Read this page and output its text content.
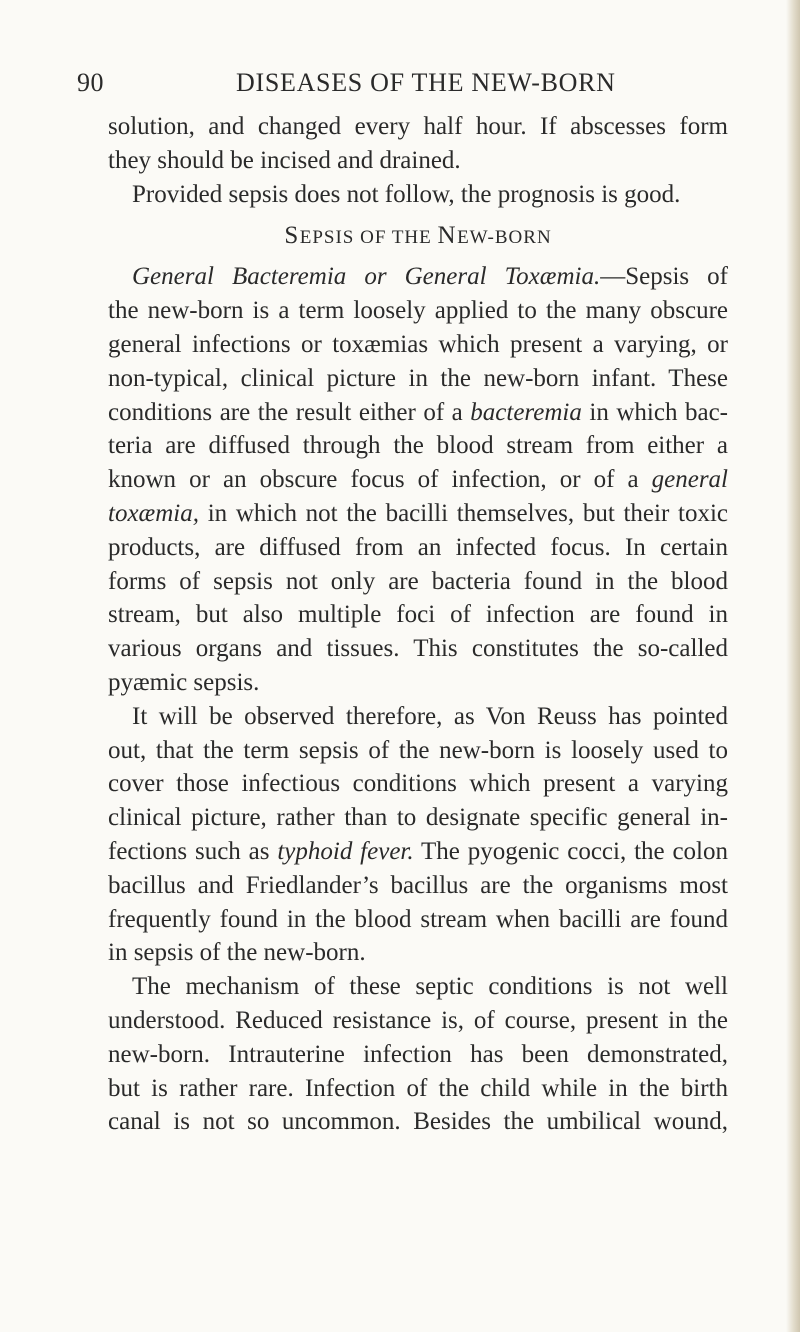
90	DISEASES OF THE NEW-BORN
solution, and changed every half hour. If abscesses form
they should be incised and drained.
Provided sepsis does not follow, the prognosis is good.
SEPSIS OF THE NEW-BORN
General Bacteremia or General Toxæmia.—Sepsis of
the new-born is a term loosely applied to the many obscure
general infections or toxæmias which present a varying, or
non-typical, clinical picture in the new-born infant. These
conditions are the result either of a bacteremia in which bac-
teria are diffused through the blood stream from either a
known or an obscure focus of infection, or of a general
toxæmia, in which not the bacilli themselves, but their toxic
products, are diffused from an infected focus. In certain
forms of sepsis not only are bacteria found in the blood
stream, but also multiple foci of infection are found in
various organs and tissues. This constitutes the so-called
pyæmic sepsis.
It will be observed therefore, as Von Reuss has pointed
out, that the term sepsis of the new-born is loosely used to
cover those infectious conditions which present a varying
clinical picture, rather than to designate specific general in-
fections such as typhoid fever. The pyogenic cocci, the colon
bacillus and Friedlander’s bacillus are the organisms most
frequently found in the blood stream when bacilli are found
in sepsis of the new-born.
The mechanism of these septic conditions is not well
understood. Reduced resistance is, of course, present in the
new-born. Intrauterine infection has been demonstrated,
but is rather rare. Infection of the child while in the birth
canal is not so uncommon. Besides the umbilical wound,
